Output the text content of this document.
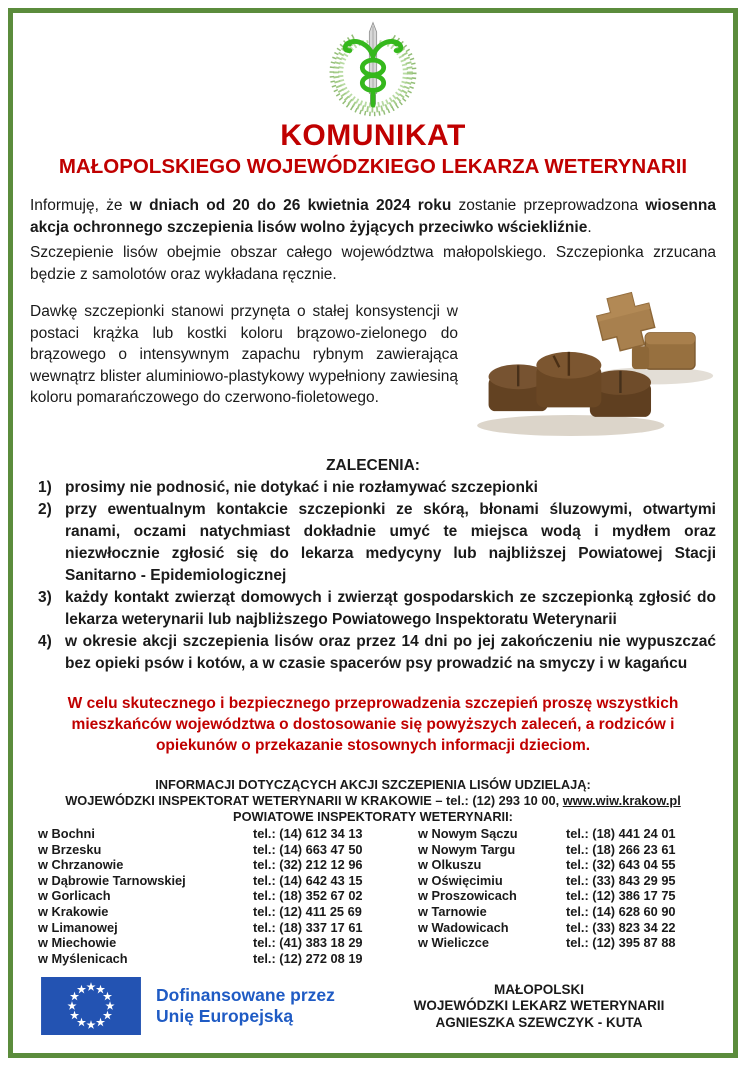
KOMUNIKAT
MAŁOPOLSKIEGO WOJEWÓDZKIEGO LEKARZA WETERYNARII

Informuję, że w dniach od 20 do 26 kwietnia 2024 roku zostanie przeprowadzona wiosenna akcja ochronnego szczepienia lisów wolno żyjących przeciwko wściekliźnie.

Szczepienie lisów obejmie obszar całego województwa małopolskiego. Szczepionka zrzucana będzie z samolotów oraz wykładana ręcznie.

Dawkę szczepionki stanowi przynęta o stałej konsystencji w postaci krążka lub kostki koloru brązowo-zielonego do brązowego o intensywnym zapachu rybnym zawierająca wewnątrz blister aluminiowo-plastykowy wypełniony zawiesiną koloru pomarańczowego do czerwono-fioletowego.

ZALECENIA:
1) prosimy nie podnosić, nie dotykać i nie rozłamywać szczepionki
2) przy ewentualnym kontakcie szczepionki ze skórą, błonami śluzowymi, otwartymi ranami, oczami natychmiast dokładnie umyć te miejsca wodą i mydłem oraz niezwłocznie zgłosić się do lekarza medycyny lub najbliższej Powiatowej Stacji Sanitarno - Epidemiologicznej
3) każdy kontakt zwierząt domowych i zwierząt gospodarskich ze szczepionką zgłosić do lekarza weterynarii lub najbliższego Powiatowego Inspektoratu Weterynarii
4) w okresie akcji szczepienia lisów oraz przez 14 dni po jej zakończeniu nie wypuszczać bez opieki psów i kotów, a w czasie spacerów psy prowadzić na smyczy i w kagańcu

W celu skutecznego i bezpiecznego przeprowadzenia szczepień proszę wszystkich mieszkańców województwa o dostosowanie się powyższych zaleceń, a rodziców i opiekunów o przekazanie stosownych informacji dzieciom.

INFORMACJI DOTYCZĄCYCH AKCJI SZCZEPIENIA LISÓW UDZIELAJĄ:
WOJEWÓDZKI INSPEKTORAT WETERYNARII W KRAKOWIE – tel.: (12) 293 10 00, www.wiw.krakow.pl
POWIATOWE INSPEKTORATY WETERYNARII:
w Bochni	tel.: (14) 612 34 13	w Nowym Sączu	tel.: (18) 441 24 01
w Brzesku	tel.: (14) 663 47 50	w Nowym Targu	tel.: (18) 266 23 61
w Chrzanowie	tel.: (32) 212 12 96	w Olkuszu	tel.: (32) 643 04 55
w Dąbrowie Tarnowskiej	tel.: (14) 642 43 15	w Oświęcimiu	tel.: (33) 843 29 95
w Gorlicach	tel.: (18) 352 67 02	w Proszowicach	tel.: (12) 386 17 75
w Krakowie	tel.: (12) 411 25 69	w Tarnowie	tel.: (14) 628 60 90
w Limanowej	tel.: (18) 337 17 61	w Wadowicach	tel.: (33) 823 34 22
w Miechowie	tel.: (41) 383 18 29	w Wieliczce	tel.: (12) 395 87 88
w Myślenicach	tel.: (12) 272 08 19
Dofinansowane przez
Unię Europejską
MAŁOPOLSKI
WOJEWÓDZKI LEKARZ WETERYNARII
AGNIESZKA SZEWCZYK - KUTA
